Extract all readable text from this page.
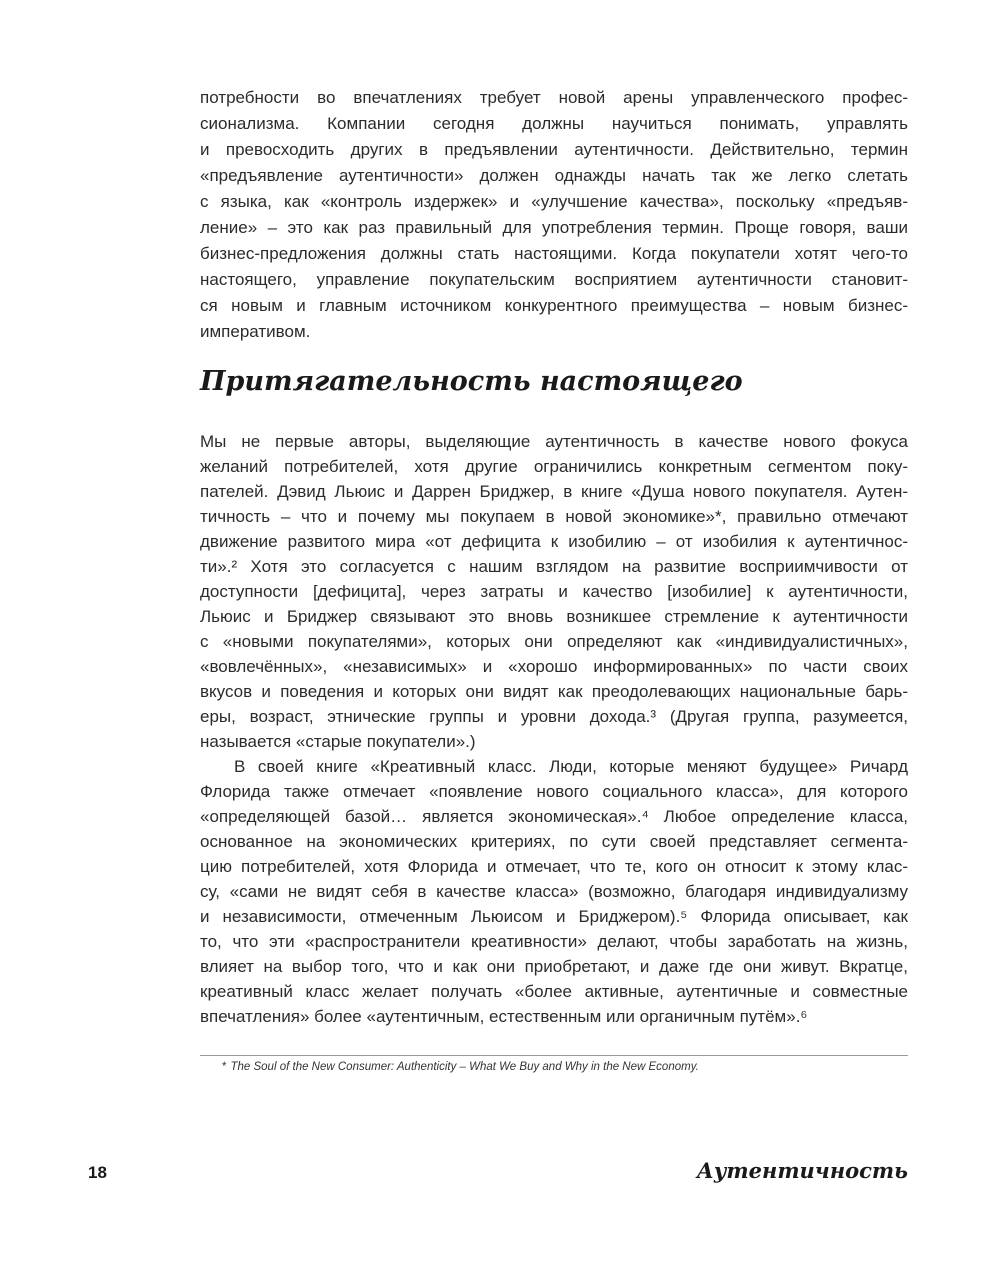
потребности во впечатлениях требует новой арены управленческого профес-
сионализма. Компании сегодня должны научиться понимать, управлять
и превосходить других в предъявлении аутентичности. Действительно, термин
«предъявление аутентичности» должен однажды начать так же легко слетать
с языка, как «контроль издержек» и «улучшение качества», поскольку «предъяв-
ление» – это как раз правильный для употребления термин. Проще говоря, ваши
бизнес-предложения должны стать настоящими. Когда покупатели хотят чего-то
настоящего, управление покупательским восприятием аутентичности становит-
ся новым и главным источником конкурентного преимущества – новым бизнес-
императивом.
Притягательность настоящего
Мы не первые авторы, выделяющие аутентичность в качестве нового фокуса
желаний потребителей, хотя другие ограничились конкретным сегментом поку-
пателей. Дэвид Льюис и Даррен Бриджер, в книге «Душа нового покупателя. Аутен-
тичность – что и почему мы покупаем в новой экономике»*, правильно отмечают
движение развитого мира «от дефицита к изобилию – от изобилия к аутентичнос-
ти».² Хотя это согласуется с нашим взглядом на развитие восприимчивости от
доступности [дефицита], через затраты и качество [изобилие] к аутентичности,
Льюис и Бриджер связывают это вновь возникшее стремление к аутентичности
с «новыми покупателями», которых они определяют как «индивидуалистичных»,
«вовлечённых», «независимых» и «хорошо информированных» по части своих
вкусов и поведения и которых они видят как преодолевающих национальные барь-
еры, возраст, этнические группы и уровни дохода.³ (Другая группа, разумеется,
называется «старые покупатели».)
В своей книге «Креативный класс. Люди, которые меняют будущее» Ричард
Флорида также отмечает «появление нового социального класса», для которого
«определяющей базой… является экономическая».⁴ Любое определение класса,
основанное на экономических критериях, по сути своей представляет сегмента-
цию потребителей, хотя Флорида и отмечает, что те, кого он относит к этому клас-
су, «сами не видят себя в качестве класса» (возможно, благодаря индивидуализму
и независимости, отмеченным Льюисом и Бриджером).⁵ Флорида описывает, как
то, что эти «распространители креативности» делают, чтобы заработать на жизнь,
влияет на выбор того, что и как они приобретают, и даже где они живут. Вкратце,
креативный класс желает получать «более активные, аутентичные и совместные
впечатления» более «аутентичным, естественным или органичным путём».⁶
* The Soul of the New Consumer: Authenticity – What We Buy and Why in the New Economy.
18	Аутентичность
